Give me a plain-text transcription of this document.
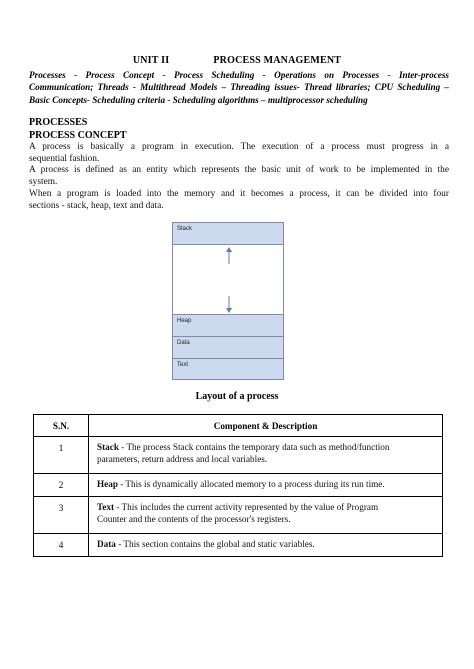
UNIT II	PROCESS MANAGEMENT
Processes - Process Concept - Process Scheduling - Operations on Processes - Inter-process
Communication; Threads - Multithread Models – Threading issues- Thread libraries; CPU Scheduling –
Basic Concepts- Scheduling criteria - Scheduling algorithms – multiprocessor scheduling
PROCESSES
PROCESS CONCEPT
A process is basically a program in execution. The execution of a process must progress in a
sequential fashion.
A process is defined as an entity which represents the basic unit of work to be implemented in the
system.
When a program is loaded into the memory and it becomes a process, it can be divided into four
sections - stack, heap, text and data.
Stack
Heap
Data
Text
Layout of a process
S.N.	Component & Description
1	Stack - The process Stack contains the temporary data such as method/function
parameters, return address and local variables.
2	Heap - This is dynamically allocated memory to a process during its run time.
3	Text - This includes the current activity represented by the value of Program
Counter and the contents of the processor's registers.
4	Data - This section contains the global and static variables.
